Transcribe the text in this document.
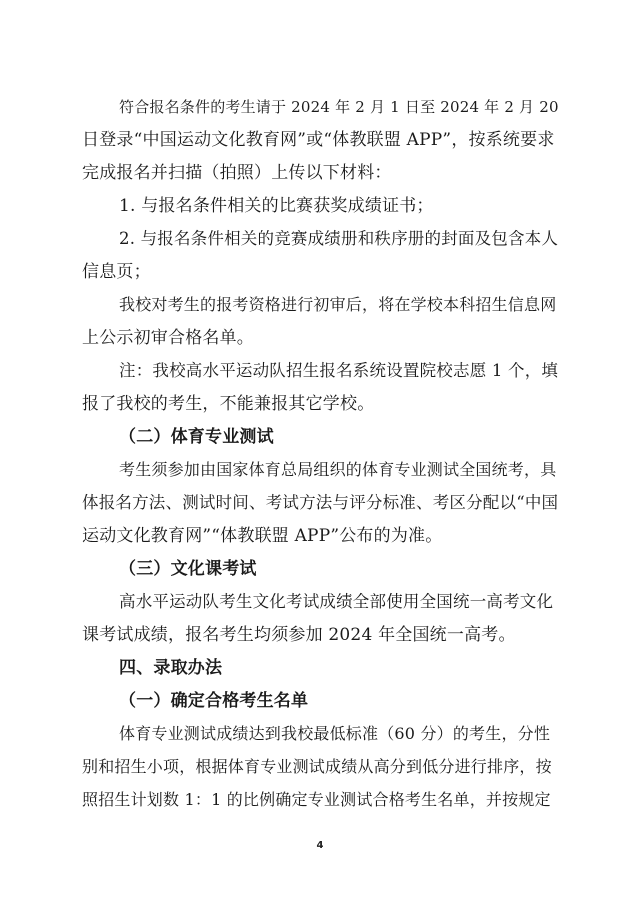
符合报名条件的考生请于 2024 年 2 月 1 日至 2024 年 2 月 20
日登录“中国运动文化教育网”或“体教联盟 APP”，按系统要求
完成报名并扫描（拍照）上传以下材料：
1. 与报名条件相关的比赛获奖成绩证书；
2. 与报名条件相关的竞赛成绩册和秩序册的封面及包含本人
信息页；
我校对考生的报考资格进行初审后，将在学校本科招生信息网
上公示初审合格名单。
注：我校高水平运动队招生报名系统设置院校志愿 1 个，填
报了我校的考生，不能兼报其它学校。
（二）体育专业测试
考生须参加由国家体育总局组织的体育专业测试全国统考，具
体报名方法、测试时间、考试方法与评分标准、考区分配以“中国
运动文化教育网”“体教联盟 APP”公布的为准。
（三）文化课考试
高水平运动队考生文化考试成绩全部使用全国统一高考文化
课考试成绩，报名考生均须参加 2024 年全国统一高考。
四、录取办法
（一）确定合格考生名单
体育专业测试成绩达到我校最低标准（60 分）的考生，分性
别和招生小项，根据体育专业测试成绩从高分到低分进行排序，按
照招生计划数 1：1 的比例确定专业测试合格考生名单，并按规定
4
